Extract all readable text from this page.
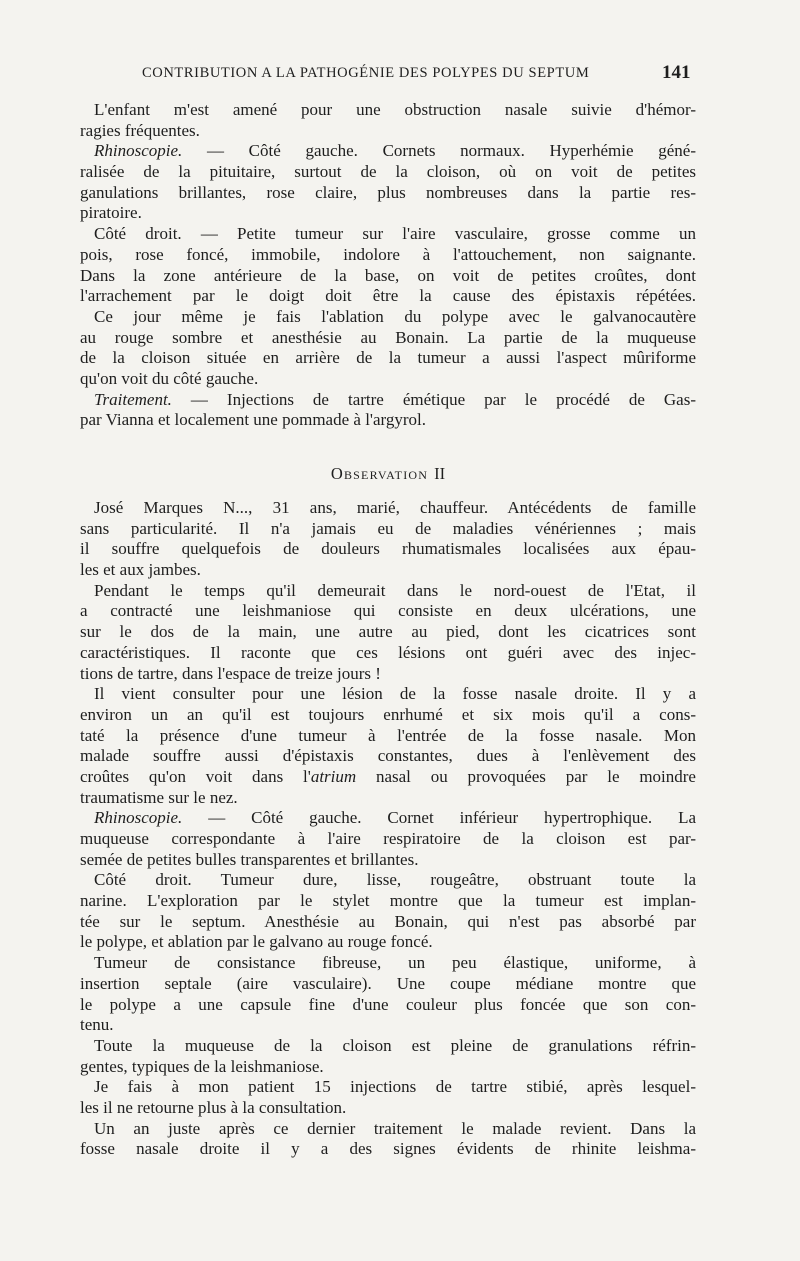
CONTRIBUTION A LA PATHOGÉNIE DES POLYPES DU SEPTUM	141
L'enfant m'est amené pour une obstruction nasale suivie d'hémor-
ragies fréquentes.
Rhinoscopie. — Côté gauche. Cornets normaux. Hyperhémie géné-
ralisée de la pituitaire, surtout de la cloison, où on voit de petites
ganulations brillantes, rose claire, plus nombreuses dans la partie res-
piratoire.
Côté droit. — Petite tumeur sur l'aire vasculaire, grosse comme un
pois, rose foncé, immobile, indolore à l'attouchement, non saignante.
Dans la zone antérieure de la base, on voit de petites croûtes, dont
l'arrachement par le doigt doit être la cause des épistaxis répétées.
Ce jour même je fais l'ablation du polype avec le galvanocautère
au rouge sombre et anesthésie au Bonain. La partie de la muqueuse
de la cloison située en arrière de la tumeur a aussi l'aspect mûriforme
qu'on voit du côté gauche.
Traitement. — Injections de tartre émétique par le procédé de Gas-
par Vianna et localement une pommade à l'argyrol.
Observation II
José Marques N..., 31 ans, marié, chauffeur. Antécédents de famille
sans particularité. Il n'a jamais eu de maladies vénériennes ; mais
il souffre quelquefois de douleurs rhumatismales localisées aux épau-
les et aux jambes.
Pendant le temps qu'il demeurait dans le nord-ouest de l'Etat, il
a contracté une leishmaniose qui consiste en deux ulcérations, une
sur le dos de la main, une autre au pied, dont les cicatrices sont
caractéristiques. Il raconte que ces lésions ont guéri avec des injec-
tions de tartre, dans l'espace de treize jours !
Il vient consulter pour une lésion de la fosse nasale droite. Il y a
environ un an qu'il est toujours enrhumé et six mois qu'il a cons-
taté la présence d'une tumeur à l'entrée de la fosse nasale. Mon
malade souffre aussi d'épistaxis constantes, dues à l'enlèvement des
croûtes qu'on voit dans l'atrium nasal ou provoquées par le moindre
traumatisme sur le nez.
Rhinoscopie. — Côté gauche. Cornet inférieur hypertrophique. La
muqueuse correspondante à l'aire respiratoire de la cloison est par-
semée de petites bulles transparentes et brillantes.
Côté droit. Tumeur dure, lisse, rougeâtre, obstruant toute la
narine. L'exploration par le stylet montre que la tumeur est implan-
tée sur le septum. Anesthésie au Bonain, qui n'est pas absorbé par
le polype, et ablation par le galvano au rouge foncé.
Tumeur de consistance fibreuse, un peu élastique, uniforme, à
insertion septale (aire vasculaire). Une coupe médiane montre que
le polype a une capsule fine d'une couleur plus foncée que son con-
tenu.
Toute la muqueuse de la cloison est pleine de granulations réfrin-
gentes, typiques de la leishmaniose.
Je fais à mon patient 15 injections de tartre stibié, après lesquel-
les il ne retourne plus à la consultation.
Un an juste après ce dernier traitement le malade revient. Dans la
fosse nasale droite il y a des signes évidents de rhinite leishma-
